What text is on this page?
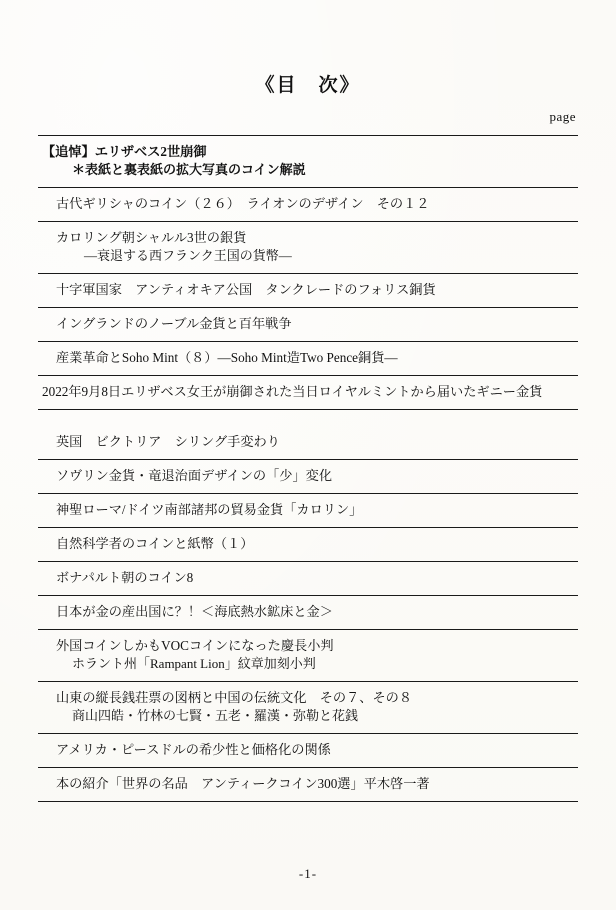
《目　次》
page
【追悼】エリザベス2世崩御
＊表紙と裏表紙の拡大写真のコイン解説
古代ギリシャのコイン（２６）　ライオンのデザイン　その１２
カロリング朝シャルル3世の銀貨
―衰退する西フランク王国の貨幣―
十字軍国家　アンティオキア公国　タンクレードのフォリス銅貨
イングランドのノーブル金貨と百年戦争
産業革命とSoho Mint（８）―Soho Mint造Two Pence銅貨―
2022年9月8日エリザベス女王が崩御された当日ロイヤルミントから届いたギニー金貨
英国　ビクトリア　シリング手変わり
ソヴリン金貨・竜退治面デザインの「少」変化
神聖ローマ/ドイツ南部諸邦の貿易金貨「カロリン」
自然科学者のコインと紙幣（１）
ボナパルト朝のコイン8
日本が金の産出国に？！＜海底熱水鉱床と金＞
外国コインしかもVOCコインになった慶長小判
ホラント州「Rampant Lion」紋章加刻小判
山東の縦長銭荘票の図柄と中国の伝統文化　その７、その８
商山四皓・竹林の七賢・五老・羅漢・弥勒と花銭
アメリカ・ピースドルの希少性と価格化の関係
本の紹介「世界の名品　アンティークコイン300選」平木啓一著
-1-
